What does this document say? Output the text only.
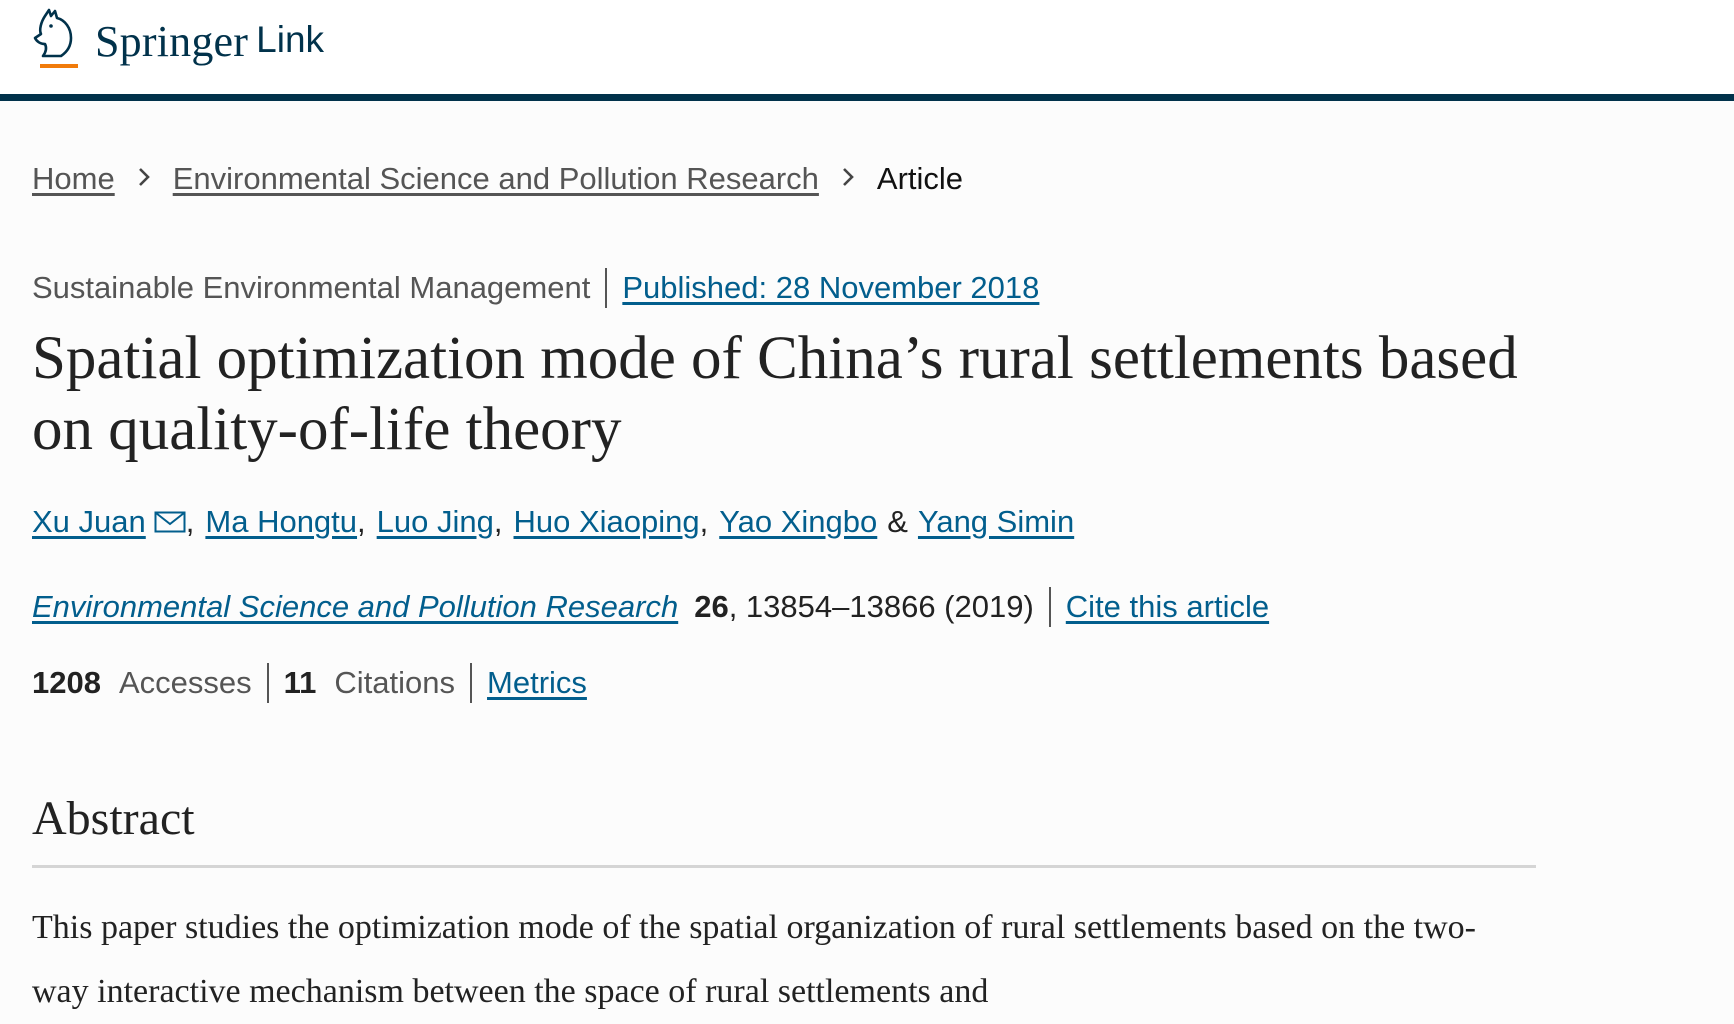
Springer Link
Home Environmental Science and Pollution Research Article
Sustainable Environmental Management Published: 28 November 2018
Spatial optimization mode of China’s rural settlements based on quality-of-life theory
Xu Juan , Ma Hongtu , Luo Jing , Huo Xiaoping , Yao Xingbo & Yang Simin
Environmental Science and Pollution Research 26 , 13854–13866 (2019) Cite this article
1208 Accesses 11 Citations Metrics
Abstract

This paper studies the optimization mode of the spatial organization of rural settlements based on the two-way interactive mechanism between the space of rural settlements and
